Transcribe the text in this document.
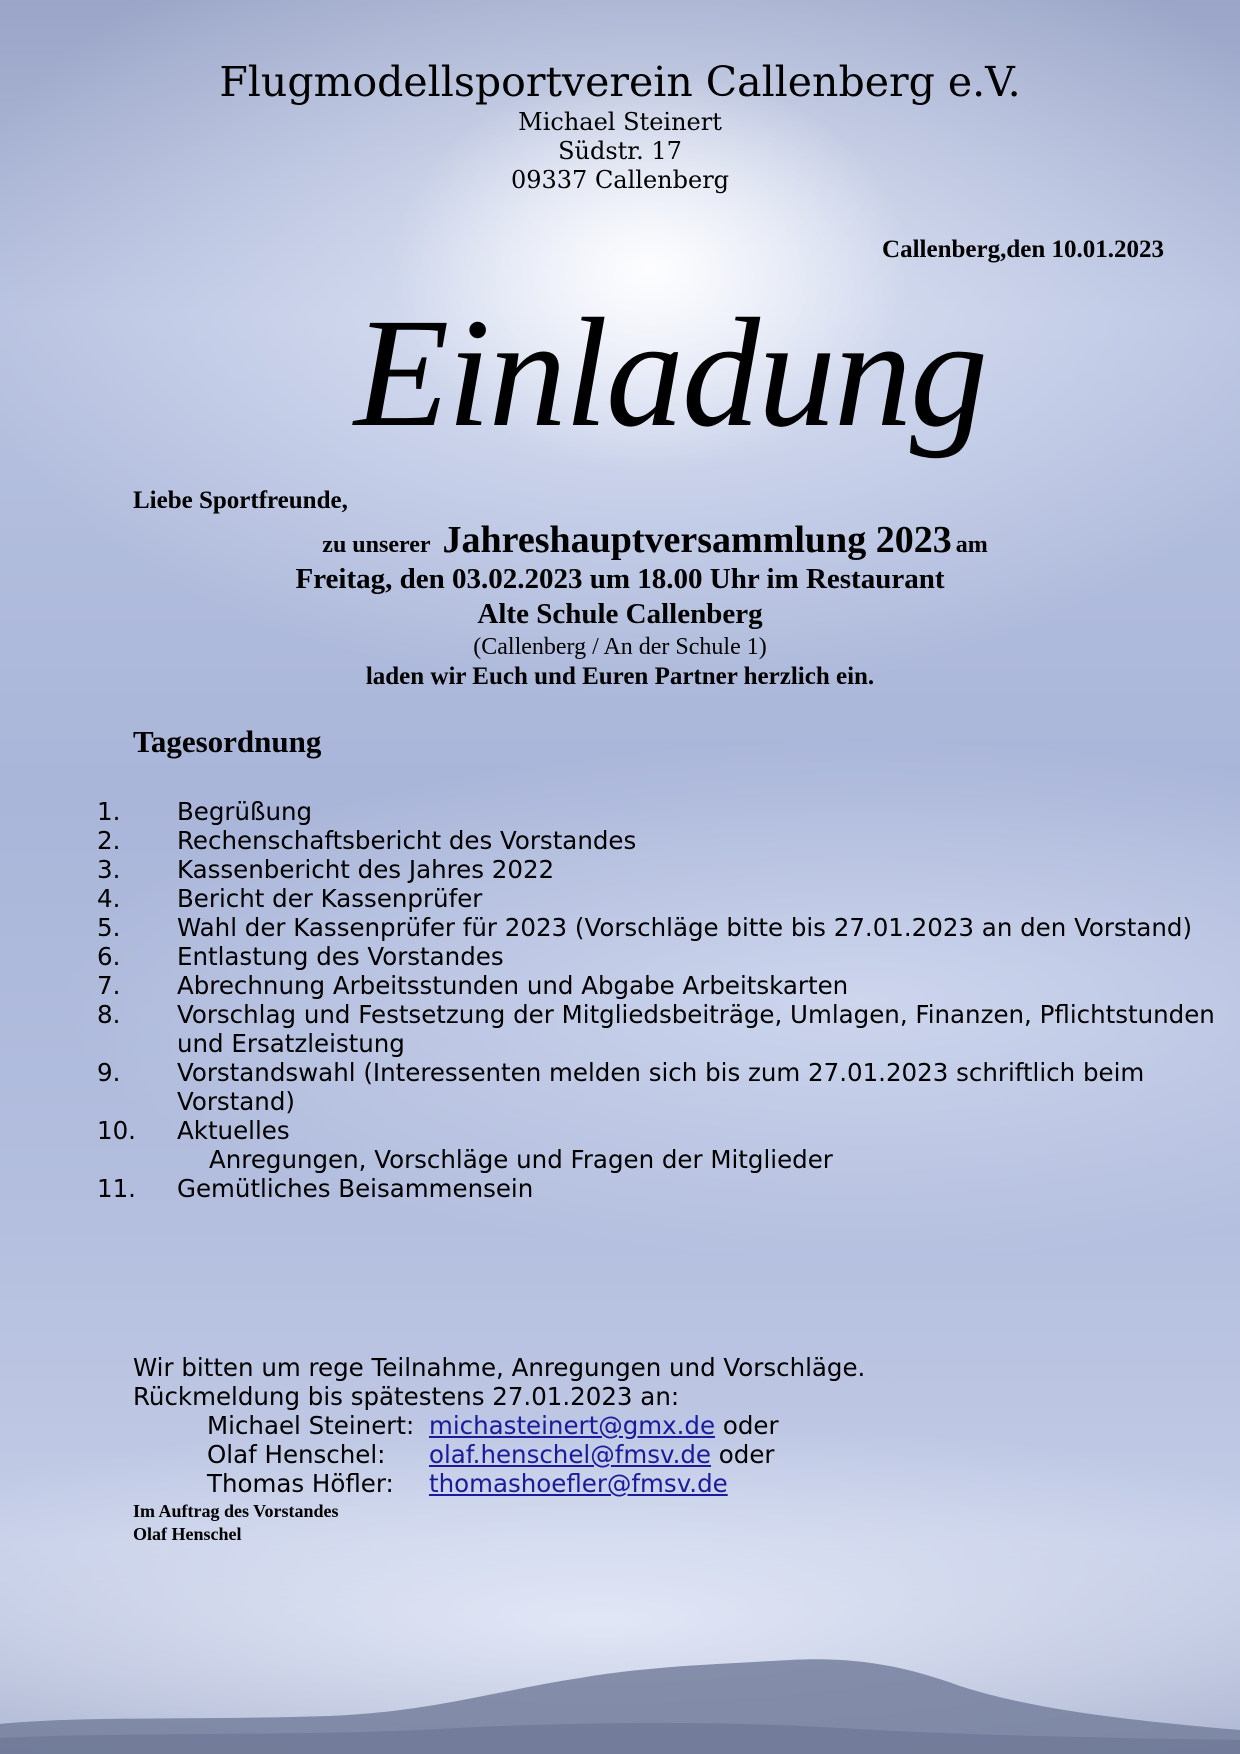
Flugmodellsportverein Callenberg e.V.
Michael Steinert
Südstr. 17
09337 Callenberg
Callenberg,den 10.01.2023
Einladung
Liebe Sportfreunde,
zu unserer Jahreshauptversammlung 2023 am
Freitag, den 03.02.2023 um 18.00 Uhr im Restaurant
Alte Schule Callenberg
(Callenberg / An der Schule 1)
laden wir Euch und Euren Partner herzlich ein.
Tagesordnung
1.	Begrüßung
2.	Rechenschaftsbericht des Vorstandes
3.	Kassenbericht des Jahres 2022
4.	Bericht der Kassenprüfer
5.	Wahl der Kassenprüfer für 2023 (Vorschläge bitte bis 27.01.2023 an den Vorstand)
6.	Entlastung des Vorstandes
7.	Abrechnung Arbeitsstunden und Abgabe Arbeitskarten
8.	Vorschlag und Festsetzung der Mitgliedsbeiträge, Umlagen, Finanzen, Pflichtstunden und Ersatzleistung
9.	Vorstandswahl (Interessenten melden sich bis zum 27.01.2023 schriftlich beim Vorstand)
10.	Aktuelles
Anregungen, Vorschläge und Fragen der Mitglieder
11.	Gemütliches Beisammensein
Wir bitten um rege Teilnahme, Anregungen und Vorschläge.
Rückmeldung bis spätestens 27.01.2023 an:
Michael Steinert: michasteinert@gmx.de oder
Olaf Henschel:	olaf.henschel@fmsv.de oder
Thomas Höfler:	thomashoefler@fmsv.de
Im Auftrag des Vorstandes
Olaf Henschel
